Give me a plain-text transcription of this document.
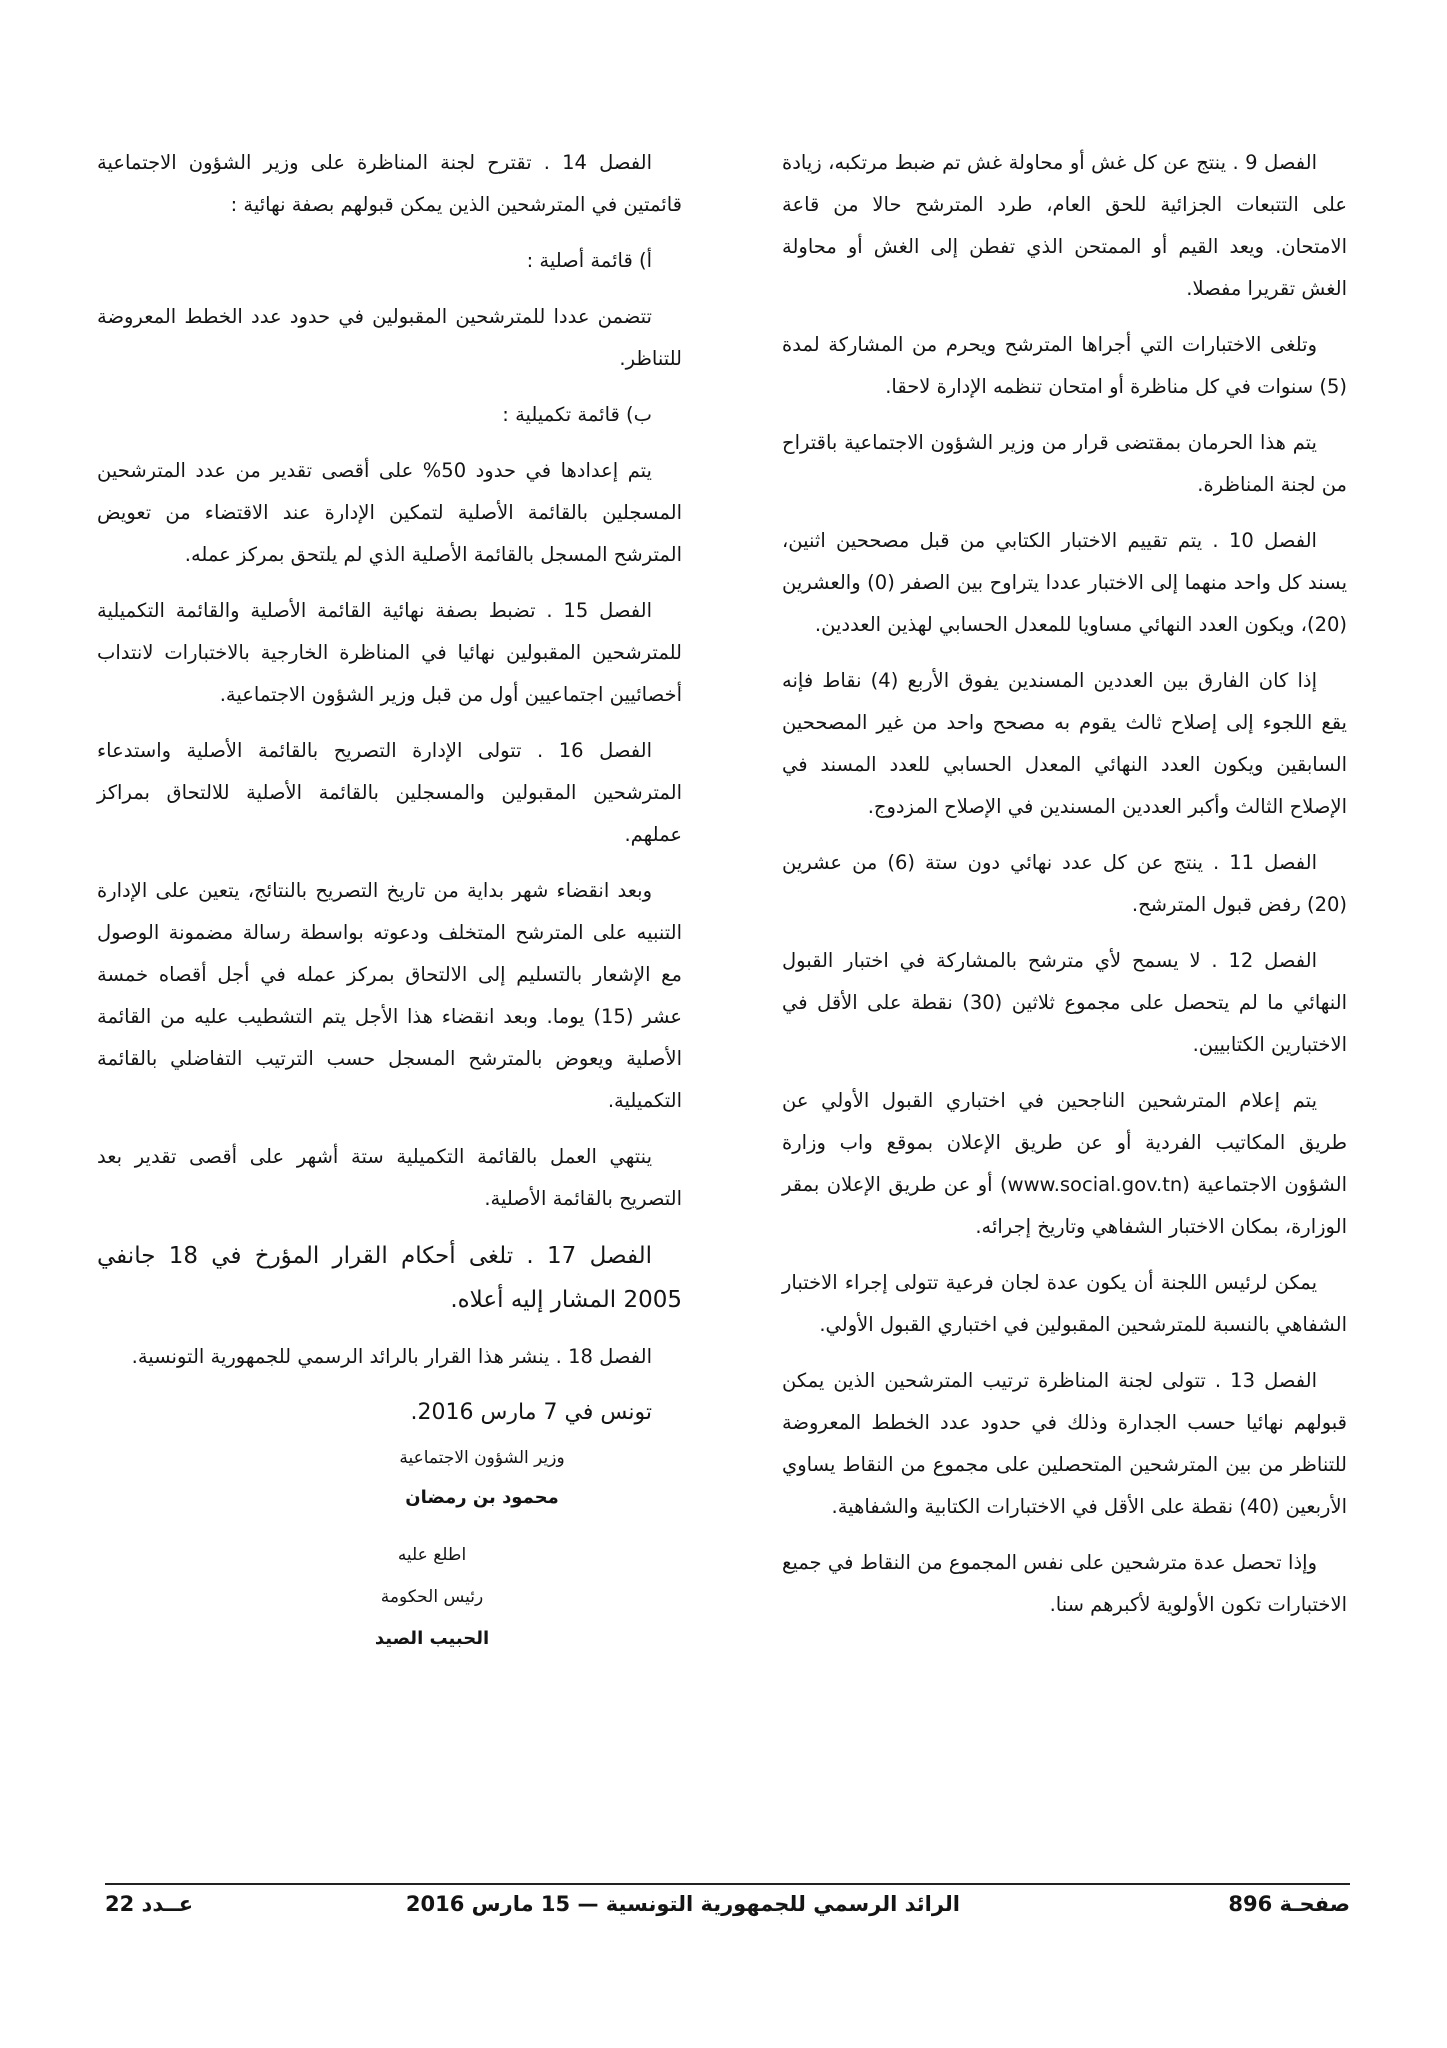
الفصل 9 . ينتج عن كل غش أو محاولة غش تم ضبط مرتكبه، زيادة على التتبعات الجزائية للحق العام، طرد المترشح حالا من قاعة الامتحان. ويعد القيم أو الممتحن الذي تفطن إلى الغش أو محاولة الغش تقريرا مفصلا.

وتلغى الاختبارات التي أجراها المترشح ويحرم من المشاركة لمدة (5) سنوات في كل مناظرة أو امتحان تنظمه الإدارة لاحقا.

يتم هذا الحرمان بمقتضى قرار من وزير الشؤون الاجتماعية باقتراح من لجنة المناظرة.

الفصل 10 . يتم تقييم الاختبار الكتابي من قبل مصححين اثنين، يسند كل واحد منهما إلى الاختبار عددا يتراوح بين الصفر (0) والعشرين (20)، ويكون العدد النهائي مساويا للمعدل الحسابي لهذين العددين.

إذا كان الفارق بين العددين المسندين يفوق الأربع (4) نقاط فإنه يقع اللجوء إلى إصلاح ثالث يقوم به مصحح واحد من غير المصححين السابقين ويكون العدد النهائي المعدل الحسابي للعدد المسند في الإصلاح الثالث وأكبر العددين المسندين في الإصلاح المزدوج.

الفصل 11 . ينتج عن كل عدد نهائي دون ستة (6) من عشرين (20) رفض قبول المترشح.

الفصل 12 . لا يسمح لأي مترشح بالمشاركة في اختبار القبول النهائي ما لم يتحصل على مجموع ثلاثين (30) نقطة على الأقل في الاختبارين الكتابيين.

يتم إعلام المترشحين الناجحين في اختباري القبول الأولي عن طريق المكاتيب الفردية أو عن طريق الإعلان بموقع واب وزارة الشؤون الاجتماعية (www.social.gov.tn) أو عن طريق الإعلان بمقر الوزارة، بمكان الاختبار الشفاهي وتاريخ إجرائه.

يمكن لرئيس اللجنة أن يكون عدة لجان فرعية تتولى إجراء الاختبار الشفاهي بالنسبة للمترشحين المقبولين في اختباري القبول الأولي.

الفصل 13 . تتولى لجنة المناظرة ترتيب المترشحين الذين يمكن قبولهم نهائيا حسب الجدارة وذلك في حدود عدد الخطط المعروضة للتناظر من بين المترشحين المتحصلين على مجموع من النقاط يساوي الأربعين (40) نقطة على الأقل في الاختبارات الكتابية والشفاهية.

وإذا تحصل عدة مترشحين على نفس المجموع من النقاط في جميع الاختبارات تكون الأولوية لأكبرهم سنا.

الفصل 14 . تقترح لجنة المناظرة على وزير الشؤون الاجتماعية قائمتين في المترشحين الذين يمكن قبولهم بصفة نهائية :

أ) قائمة أصلية :

تتضمن عددا للمترشحين المقبولين في حدود عدد الخطط المعروضة للتناظر.

ب) قائمة تكميلية :

يتم إعدادها في حدود 50% على أقصى تقدير من عدد المترشحين المسجلين بالقائمة الأصلية لتمكين الإدارة عند الاقتضاء من تعويض المترشح المسجل بالقائمة الأصلية الذي لم يلتحق بمركز عمله.

الفصل 15 . تضبط بصفة نهائية القائمة الأصلية والقائمة التكميلية للمترشحين المقبولين نهائيا في المناظرة الخارجية بالاختبارات لانتداب أخصائيين اجتماعيين أول من قبل وزير الشؤون الاجتماعية.

الفصل 16 . تتولى الإدارة التصريح بالقائمة الأصلية واستدعاء المترشحين المقبولين والمسجلين بالقائمة الأصلية للالتحاق بمراكز عملهم.

وبعد انقضاء شهر بداية من تاريخ التصريح بالنتائج، يتعين على الإدارة التنبيه على المترشح المتخلف ودعوته بواسطة رسالة مضمونة الوصول مع الإشعار بالتسليم إلى الالتحاق بمركز عمله في أجل أقصاه خمسة عشر (15) يوما. وبعد انقضاء هذا الأجل يتم التشطيب عليه من القائمة الأصلية ويعوض بالمترشح المسجل حسب الترتيب التفاضلي بالقائمة التكميلية.

ينتهي العمل بالقائمة التكميلية ستة أشهر على أقصى تقدير بعد التصريح بالقائمة الأصلية.

الفصل 17 . تلغى أحكام القرار المؤرخ في 18 جانفي 2005 المشار إليه أعلاه.

الفصل 18 . ينشر هذا القرار بالرائد الرسمي للجمهورية التونسية.

تونس في 7 مارس 2016.

وزير الشؤون الاجتماعية
محمود بن رمضان
اطلع عليه
رئيس الحكومة
الحبيب الصيد
صفحـة 896
الرائد الرسمي للجمهورية التونسية — 15 مارس 2016
عــدد 22
